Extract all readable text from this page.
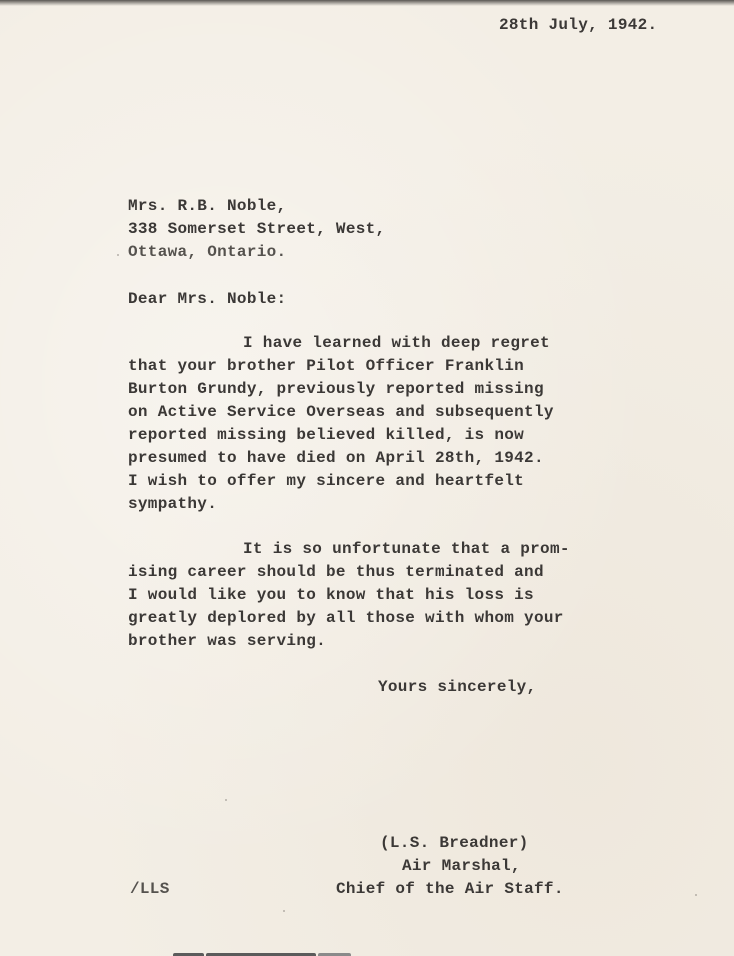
28th July, 1942.
Mrs. R.B. Noble,
338 Somerset Street, West,
Ottawa, Ontario.
Dear Mrs. Noble:
I have learned with deep regret
that your brother Pilot Officer Franklin
Burton Grundy, previously reported missing
on Active Service Overseas and subsequently
reported missing believed killed, is now
presumed to have died on April 28th, 1942.
I wish to offer my sincere and heartfelt
sympathy.
It is so unfortunate that a prom-
ising career should be thus terminated and
I would like you to know that his loss is
greatly deplored by all those with whom your
brother was serving.
Yours sincerely,
(L.S. Breadner)
Air Marshal,
Chief of the Air Staff.
/LLS
